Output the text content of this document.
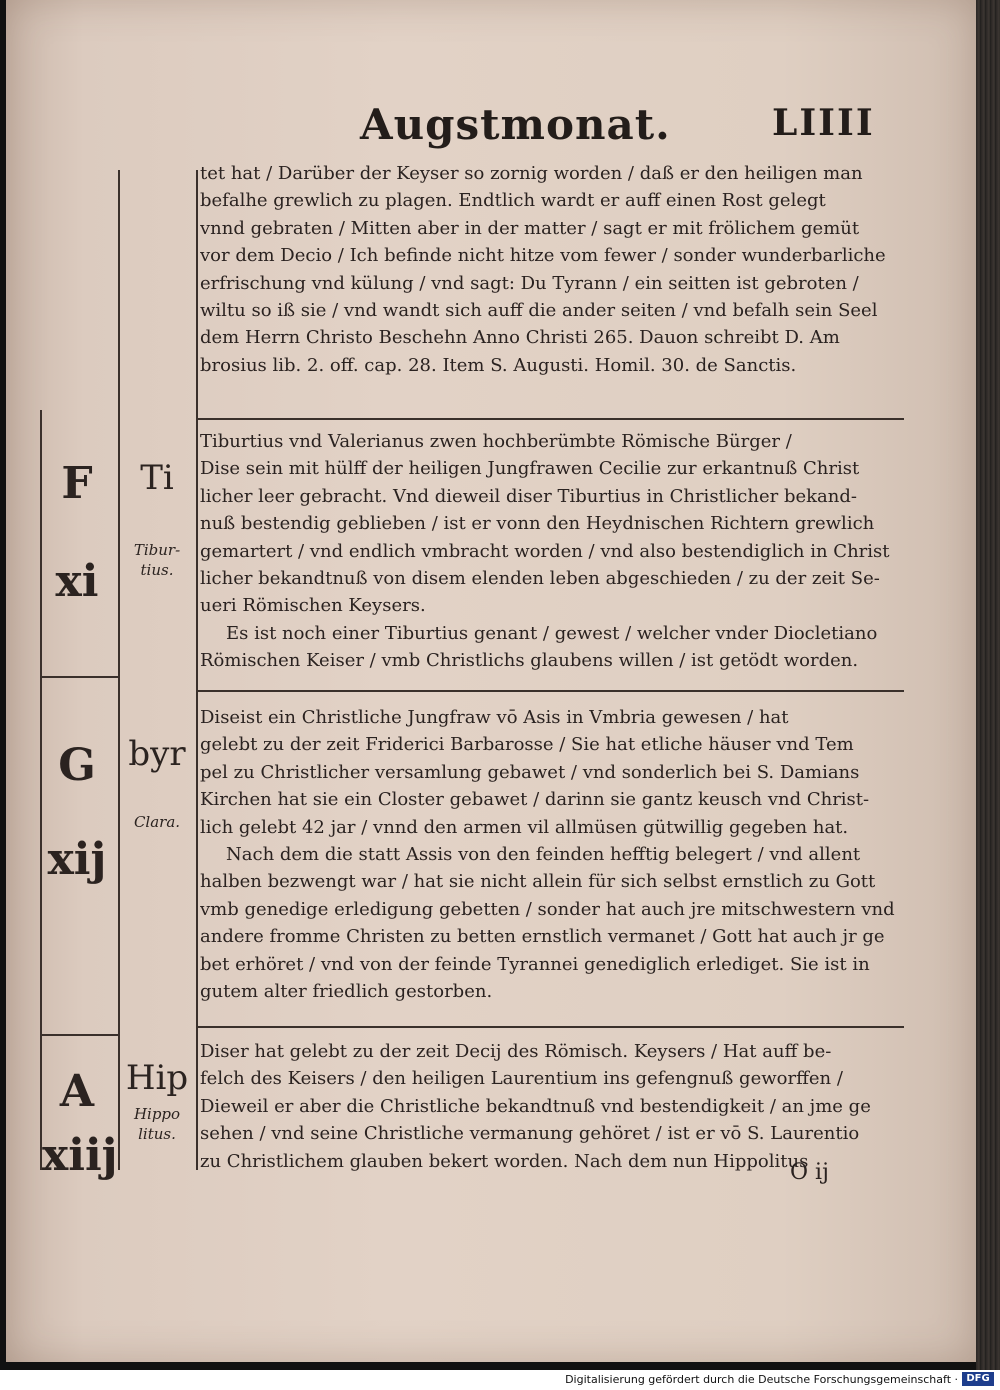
Augstmonat.	LIIII

tet hat / Darüber der Keyser so zornig worden / daß er den heiligen man

befalhe grewlich zu plagen. Endtlich wardt er auff einen Rost gelegt

vnnd gebraten / Mitten aber in der matter / sagt er mit frölichem gemüt

vor dem Decio / Ich befinde nicht hitze vom fewer / sonder wunderbarliche

erfrischung vnd külung / vnd sagt: Du Tyrann / ein seitten ist gebroten /

wiltu so iß sie / vnd wandt sich auff die ander seiten / vnd befalh sein Seel

dem Herrn Christo Beschehn Anno Christi 265. Dauon schreibt D. Am

brosius lib. 2. off. cap. 28. Item S. Augusti. Homil. 30. de Sanctis.

F
xi
Ti
Tibur-
tius.

Tiburtius vnd Valerianus zwen hochberümbte Römische Bürger /

Dise sein mit hülff der heiligen Jungfrawen Cecilie zur erkantnuß Christ

licher leer gebracht. Vnd dieweil diser Tiburtius in Christlicher bekand-

nuß bestendig geblieben / ist er vonn den Heydnischen Richtern grewlich

gemartert / vnd endlich vmbracht worden / vnd also bestendiglich in Christ

licher bekandtnuß von disem elenden leben abgeschieden / zu der zeit Se-

ueri Römischen Keysers.

Es ist noch einer Tiburtius genant / gewest / welcher vnder Diocletiano

Römischen Keiser / vmb Christlichs glaubens willen / ist getödt worden.

G
xij
byr
Clara.

Diseist ein Christliche Jungfraw vō Asis in Vmbria gewesen / hat

gelebt zu der zeit Friderici Barbarosse / Sie hat etliche häuser vnd Tem

pel zu Christlicher versamlung gebawet / vnd sonderlich bei S. Damians

Kirchen hat sie ein Closter gebawet / darinn sie gantz keusch vnd Christ-

lich gelebt 42 jar / vnnd den armen vil allmüsen gütwillig gegeben hat.

Nach dem die statt Assis von den feinden hefftig belegert / vnd allent

halben bezwengt war / hat sie nicht allein für sich selbst ernstlich zu Gott

vmb genedige erledigung gebetten / sonder hat auch jre mitschwestern vnd

andere fromme Christen zu betten ernstlich vermanet / Gott hat auch jr ge

bet erhöret / vnd von der feinde Tyrannei genediglich erlediget. Sie ist in

gutem alter friedlich gestorben.

A
xiij
Hip
Hippo
litus.

Diser hat gelebt zu der zeit Decij des Römisch. Keysers / Hat auff be-

felch des Keisers / den heiligen Laurentium ins gefengnuß geworffen /

Dieweil er aber die Christliche bekandtnuß vnd bestendigkeit / an jme ge

sehen / vnd seine Christliche vermanung gehöret / ist er vō S. Laurentio

zu Christlichem glauben bekert worden. Nach dem nun Hippolitus

O ij
Digitalisierung gefördert durch die Deutsche Forschungsgemeinschaft · DFG
